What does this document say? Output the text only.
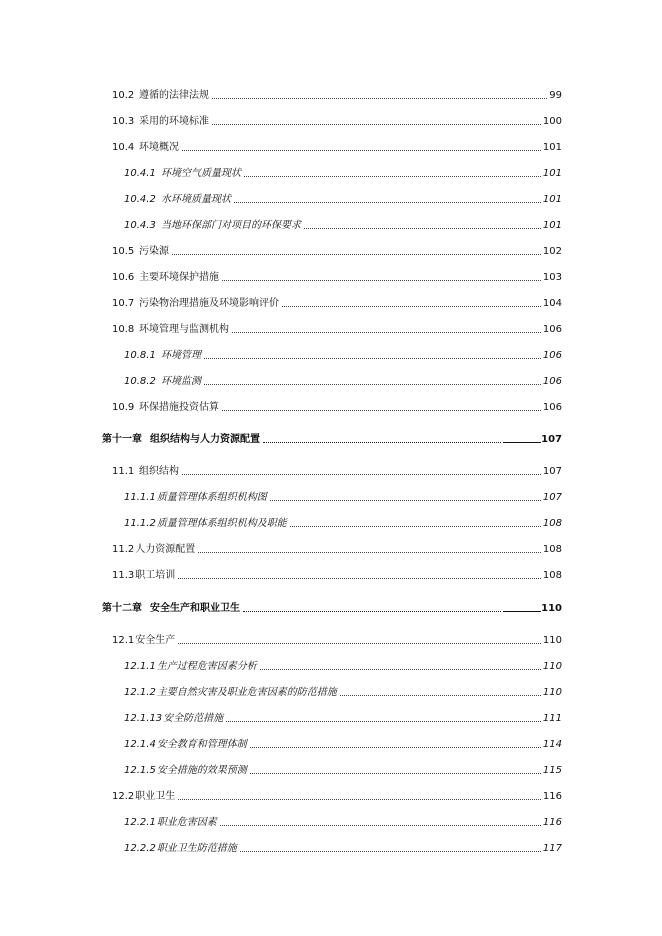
10.2 遵循的法律法规	99
10.3 采用的环境标准	100
10.4 环境概况	101
10.4.1 环境空气质量现状	101
10.4.2 水环境质量现状	101
10.4.3 当地环保部门对项目的环保要求	101
10.5 污染源	102
10.6 主要环境保护措施	103
10.7 污染物治理措施及环境影响评价	104
10.8 环境管理与监测机构	106
10.8.1 环境管理	106
10.8.2 环境监测	106
10.9 环保措施投资估算	106
第十一章 组织结构与人力资源配置	107
11.1 组织结构	107
11.1.1 质量管理体系组织机构图	107
11.1.2 质量管理体系组织机构及职能	108
11.2 人力资源配置	108
11.3 职工培训	108
第十二章 安全生产和职业卫生	110
12.1 安全生产	110
12.1.1 生产过程危害因素分析	110
12.1.2 主要自然灾害及职业危害因素的防范措施	110
12.1.13 安全防范措施	111
12.1.4 安全教育和管理体制	114
12.1.5 安全措施的效果预测	115
12.2 职业卫生	116
12.2.1 职业危害因素	116
12.2.2 职业卫生防范措施	117
